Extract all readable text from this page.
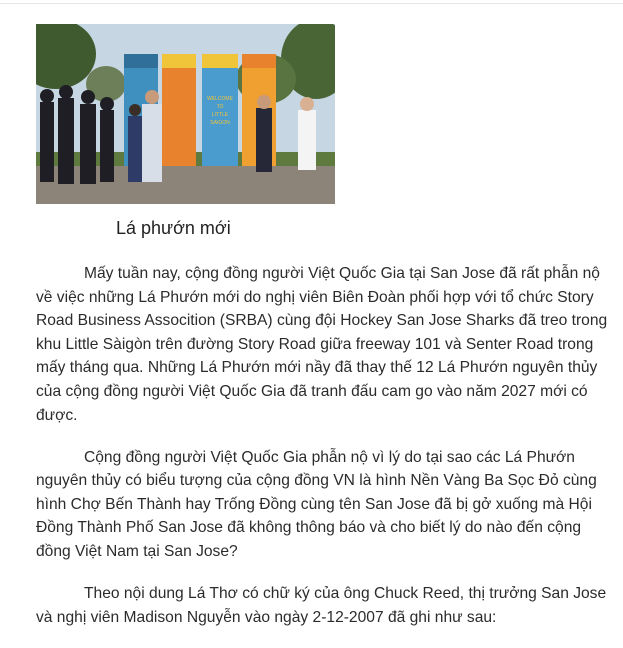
WELCOME
TO
LITTLE
SAIGON

Lá phướn mới

Mấy tuần nay, cộng đồng người Việt Quốc Gia tại San Jose đã rất phẫn nộ về việc những Lá Phướn mới do nghị viên Biên Đoàn phối hợp với tổ chức Story Road Business Assocition (SRBA) cùng đội Hockey San Jose Sharks đã treo trong khu Little Sàigòn trên đường Story Road giữa freeway 101 và Senter Road trong mấy tháng qua. Những Lá Phướn mới nầy đã thay thế 12 Lá Phướn nguyên thủy của cộng đồng người Việt Quốc Gia đã tranh đấu cam go vào năm 2027 mới có được.

Cộng đồng người Việt Quốc Gia phẫn nộ vì lý do tại sao các Lá Phướn nguyên thủy có biểu tượng của cộng đồng VN là hình Nền Vàng Ba Sọc Đỏ cùng hình Chợ Bến Thành hay Trống Đồng cùng tên San Jose đã bị gở xuống mà Hội Đồng Thành Phố San Jose đã không thông báo và cho biết lý do nào đến cộng đồng Việt Nam tại San Jose?

Theo nội dung Lá Thơ có chữ ký của ông Chuck Reed, thị trưởng San Jose và nghị viên Madison Nguyễn vào ngày 2-12-2007 đã ghi như sau:
